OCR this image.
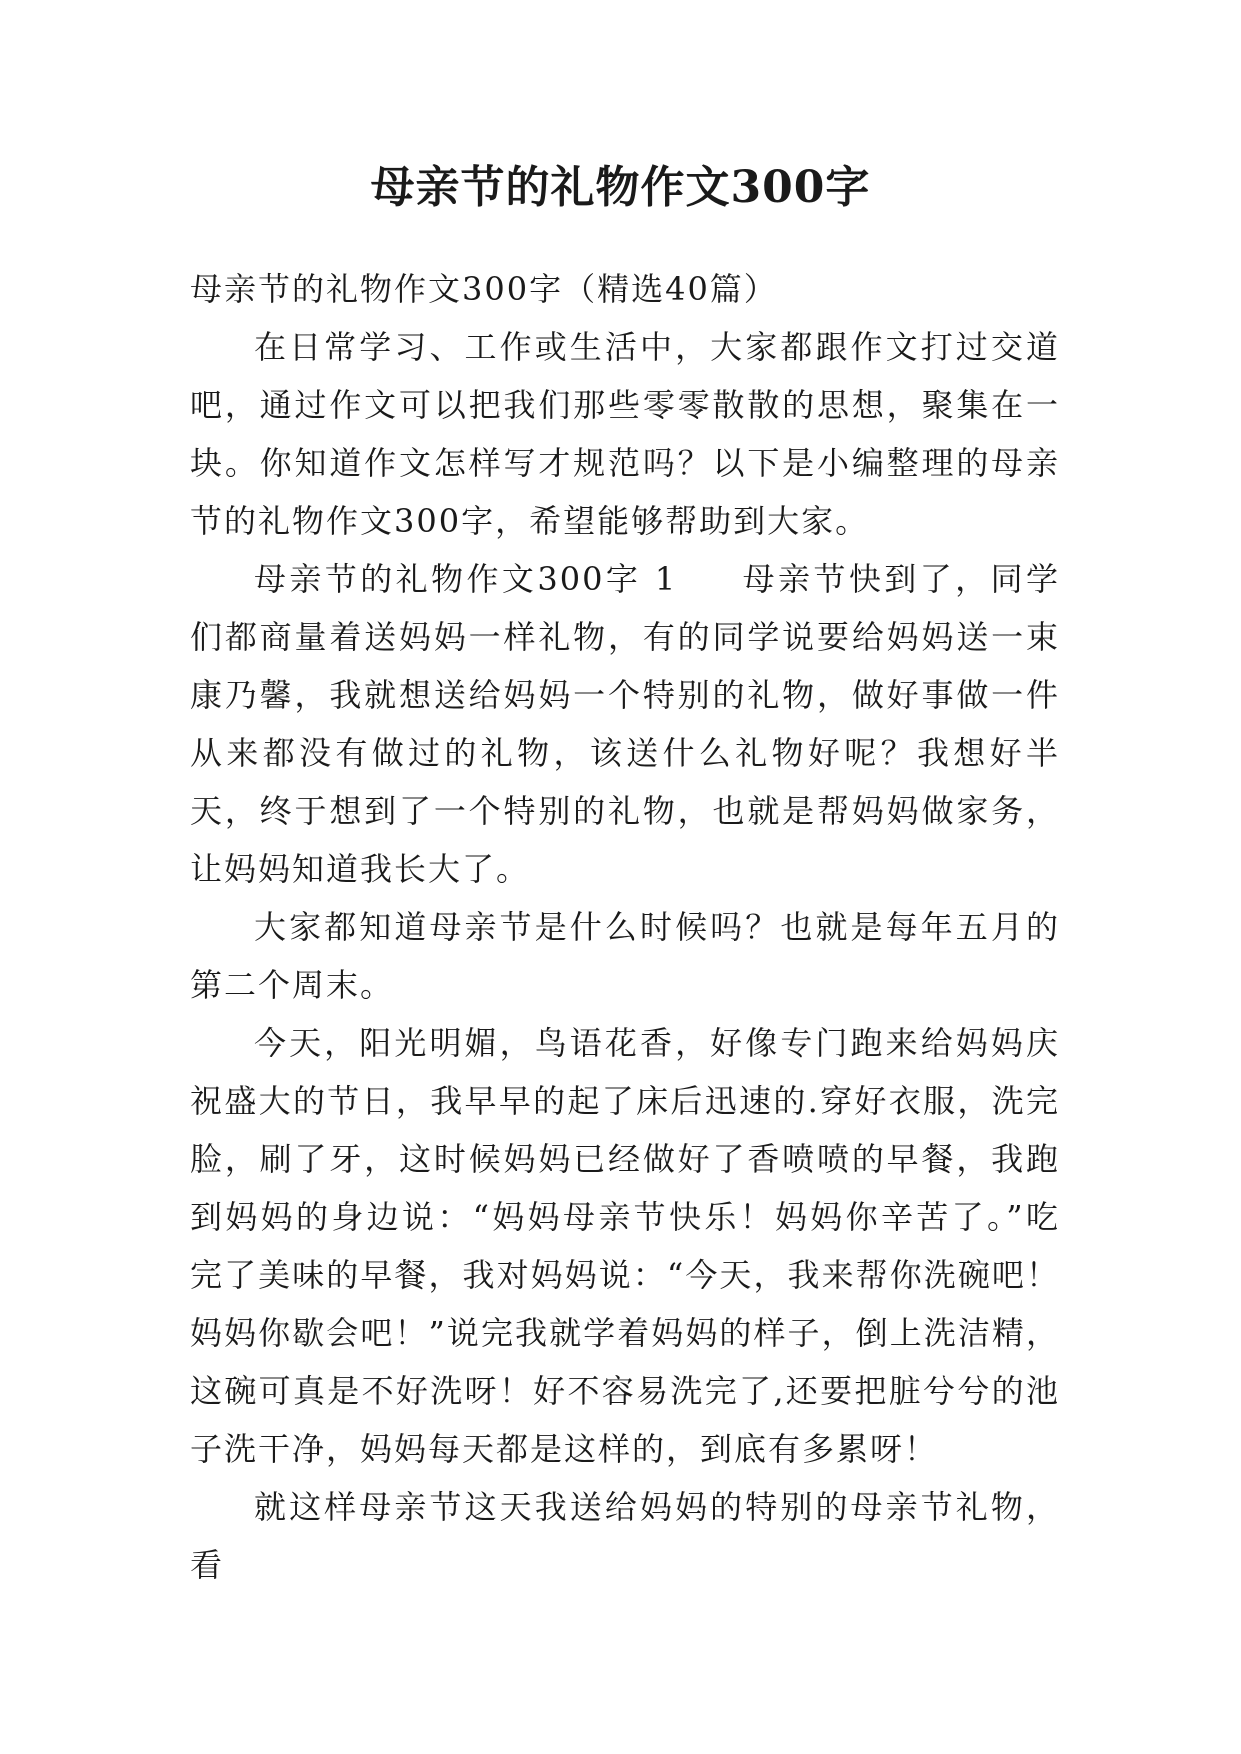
母亲节的礼物作文300字

母亲节的礼物作文300字（精选40篇）

在日常学习、工作或生活中，大家都跟作文打过交道吧，通过作文可以把我们那些零零散散的思想，聚集在一块。你知道作文怎样写才规范吗？以下是小编整理的母亲节的礼物作文300字，希望能够帮助到大家。

母亲节的礼物作文300字 1 母亲节快到了，同学们都商量着送妈妈一样礼物，有的同学说要给妈妈送一束康乃馨，我就想送给妈妈一个特别的礼物，做好事做一件从来都没有做过的礼物，该送什么礼物好呢？我想好半天，终于想到了一个特别的礼物，也就是帮妈妈做家务，让妈妈知道我长大了。

大家都知道母亲节是什么时候吗？也就是每年五月的第二个周末。

今天，阳光明媚，鸟语花香，好像专门跑来给妈妈庆祝盛大的节日，我早早的起了床后迅速的.穿好衣服，洗完脸，刷了牙，这时候妈妈已经做好了香喷喷的早餐，我跑到妈妈的身边说：“妈妈母亲节快乐！妈妈你辛苦了。”吃完了美味的早餐，我对妈妈说：“今天，我来帮你洗碗吧！妈妈你歇会吧！”说完我就学着妈妈的样子，倒上洗洁精，这碗可真是不好洗呀！好不容易洗完了,还要把脏兮兮的池子洗干净，妈妈每天都是这样的，到底有多累呀！

就这样母亲节这天我送给妈妈的特别的母亲节礼物，看
